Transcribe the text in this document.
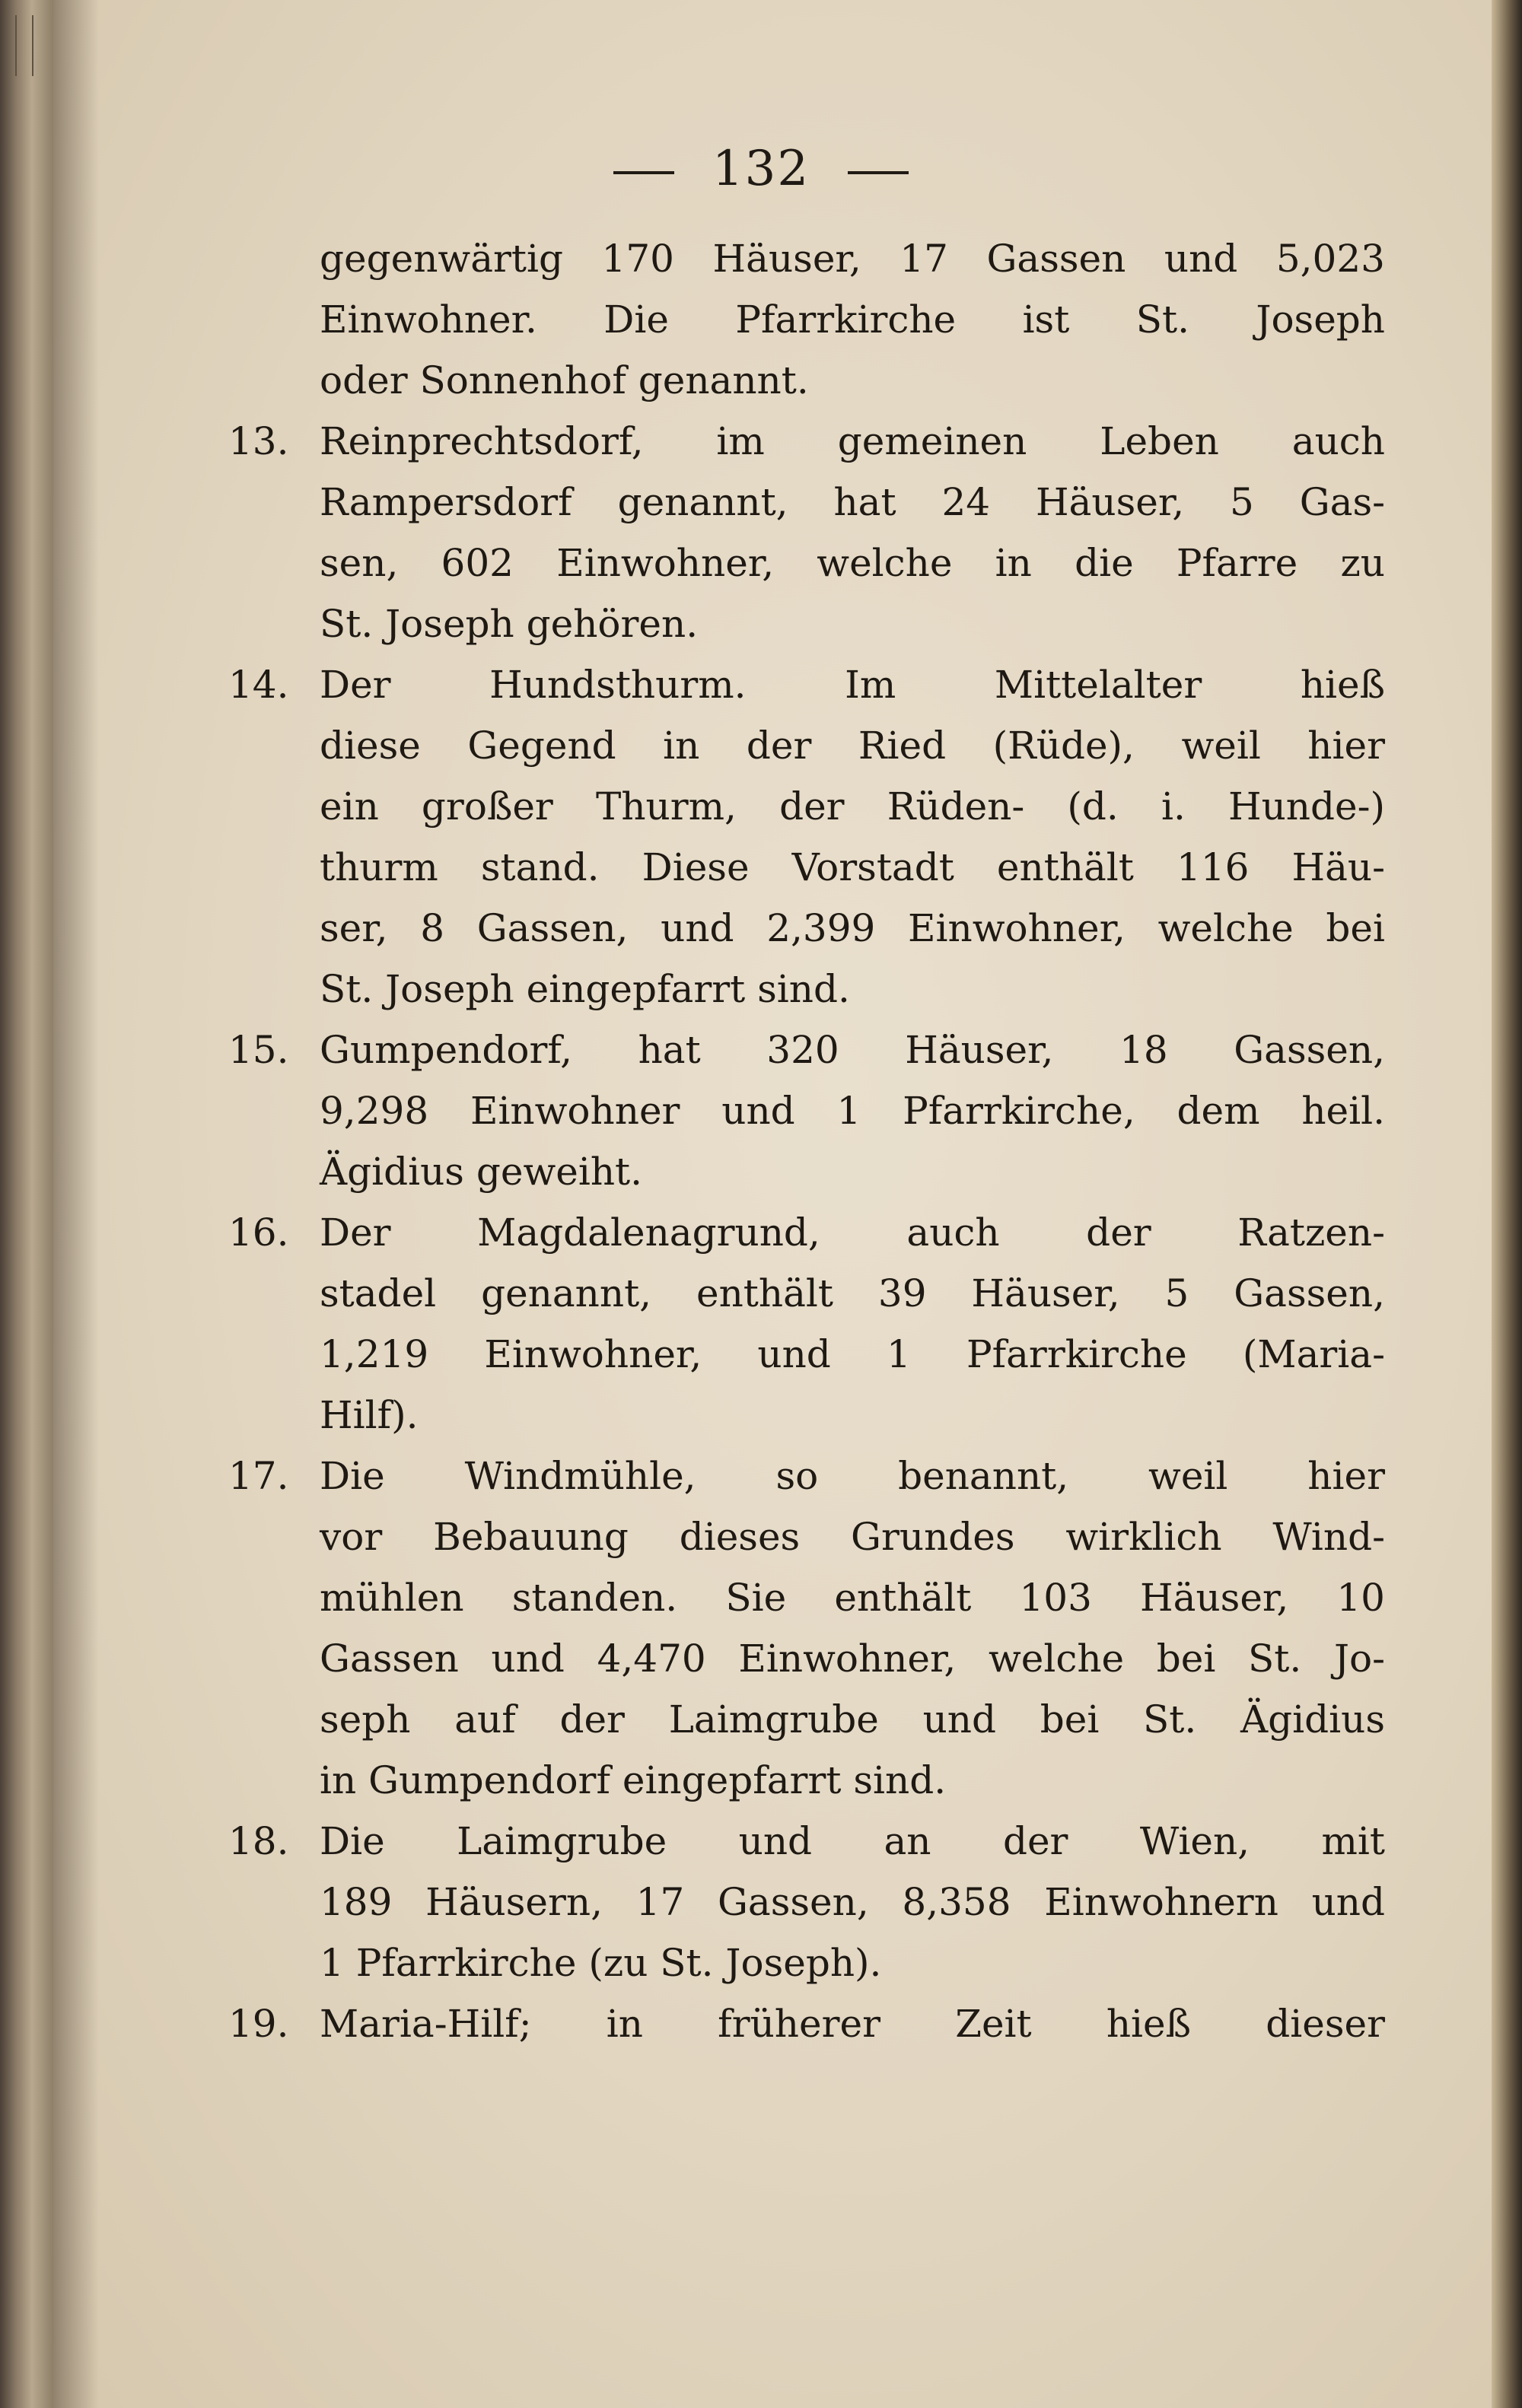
132
gegenwärtig 170 Häuser, 17 Gassen und 5,023
Einwohner. Die Pfarrkirche ist St. Joseph
oder Sonnenhof genannt.
13. Reinprechtsdorf, im gemeinen Leben auch
Rampersdorf genannt, hat 24 Häuser, 5 Gas-
sen, 602 Einwohner, welche in die Pfarre zu
St. Joseph gehören.
14. Der Hundsthurm. Im Mittelalter hieß
diese Gegend in der Ried (Rüde), weil hier
ein großer Thurm, der Rüden- (d. i. Hunde-)
thurm stand. Diese Vorstadt enthält 116 Häu-
ser, 8 Gassen, und 2,399 Einwohner, welche bei
St. Joseph eingepfarrt sind.
15. Gumpendorf, hat 320 Häuser, 18 Gassen,
9,298 Einwohner und 1 Pfarrkirche, dem heil.
Ägidius geweiht.
16. Der Magdalenagrund, auch der Ratzen-
stadel genannt, enthält 39 Häuser, 5 Gassen,
1,219 Einwohner, und 1 Pfarrkirche (Maria-
Hilf).
17. Die Windmühle, so benannt, weil hier
vor Bebauung dieses Grundes wirklich Wind-
mühlen standen. Sie enthält 103 Häuser, 10
Gassen und 4,470 Einwohner, welche bei St. Jo-
seph auf der Laimgrube und bei St. Ägidius
in Gumpendorf eingepfarrt sind.
18. Die Laimgrube und an der Wien, mit
189 Häusern, 17 Gassen, 8,358 Einwohnern und
1 Pfarrkirche (zu St. Joseph).
19. Maria-Hilf; in früherer Zeit hieß dieser
